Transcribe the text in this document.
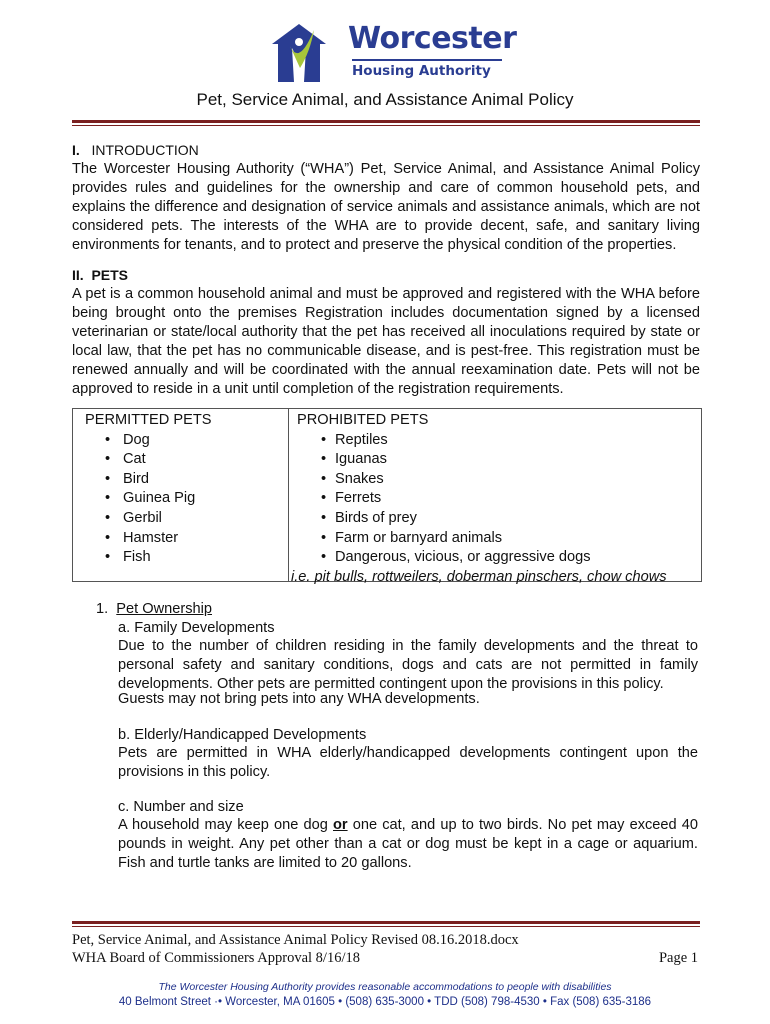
Worcester
Housing Authority
Pet, Service Animal, and Assistance Animal Policy
I. INTRODUCTION
The Worcester Housing Authority (“WHA”) Pet, Service Animal, and Assistance Animal Policy provides rules and guidelines for the ownership and care of common household pets, and explains the difference and designation of service animals and assistance animals, which are not considered pets. The interests of the WHA are to provide decent, safe, and sanitary living environments for tenants, and to protect and preserve the physical condition of the properties.
II. PETS
A pet is a common household animal and must be approved and registered with the WHA before being brought onto the premises Registration includes documentation signed by a licensed veterinarian or state/local authority that the pet has received all inoculations required by state or local law, that the pet has no communicable disease, and is pest-free. This registration must be renewed annually and will be coordinated with the annual reexamination date. Pets will not be approved to reside in a unit until completion of the registration requirements.
PERMITTED PETS
• Dog
• Cat
• Bird
• Guinea Pig
• Gerbil
• Hamster
• Fish
PROHIBITED PETS
• Reptiles
• Iguanas
• Snakes
• Ferrets
• Birds of prey
• Farm or barnyard animals
• Dangerous, vicious, or aggressive dogs
i.e. pit bulls, rottweilers, doberman pinschers, chow chows
1. Pet Ownership
a. Family Developments
Due to the number of children residing in the family developments and the threat to personal safety and sanitary conditions, dogs and cats are not permitted in family developments. Other pets are permitted contingent upon the provisions in this policy.
Guests may not bring pets into any WHA developments.
b. Elderly/Handicapped Developments
Pets are permitted in WHA elderly/handicapped developments contingent upon the provisions in this policy.
c. Number and size
A household may keep one dog or one cat, and up to two birds. No pet may exceed 40 pounds in weight. Any pet other than a cat or dog must be kept in a cage or aquarium. Fish and turtle tanks are limited to 20 gallons.
Pet, Service Animal, and Assistance Animal Policy Revised 08.16.2018.docx
WHA Board of Commissioners Approval 8/16/18	Page 1
The Worcester Housing Authority provides reasonable accommodations to people with disabilities
40 Belmont Street ·• Worcester, MA 01605 • (508) 635-3000 • TDD (508) 798-4530 • Fax (508) 635-3186
